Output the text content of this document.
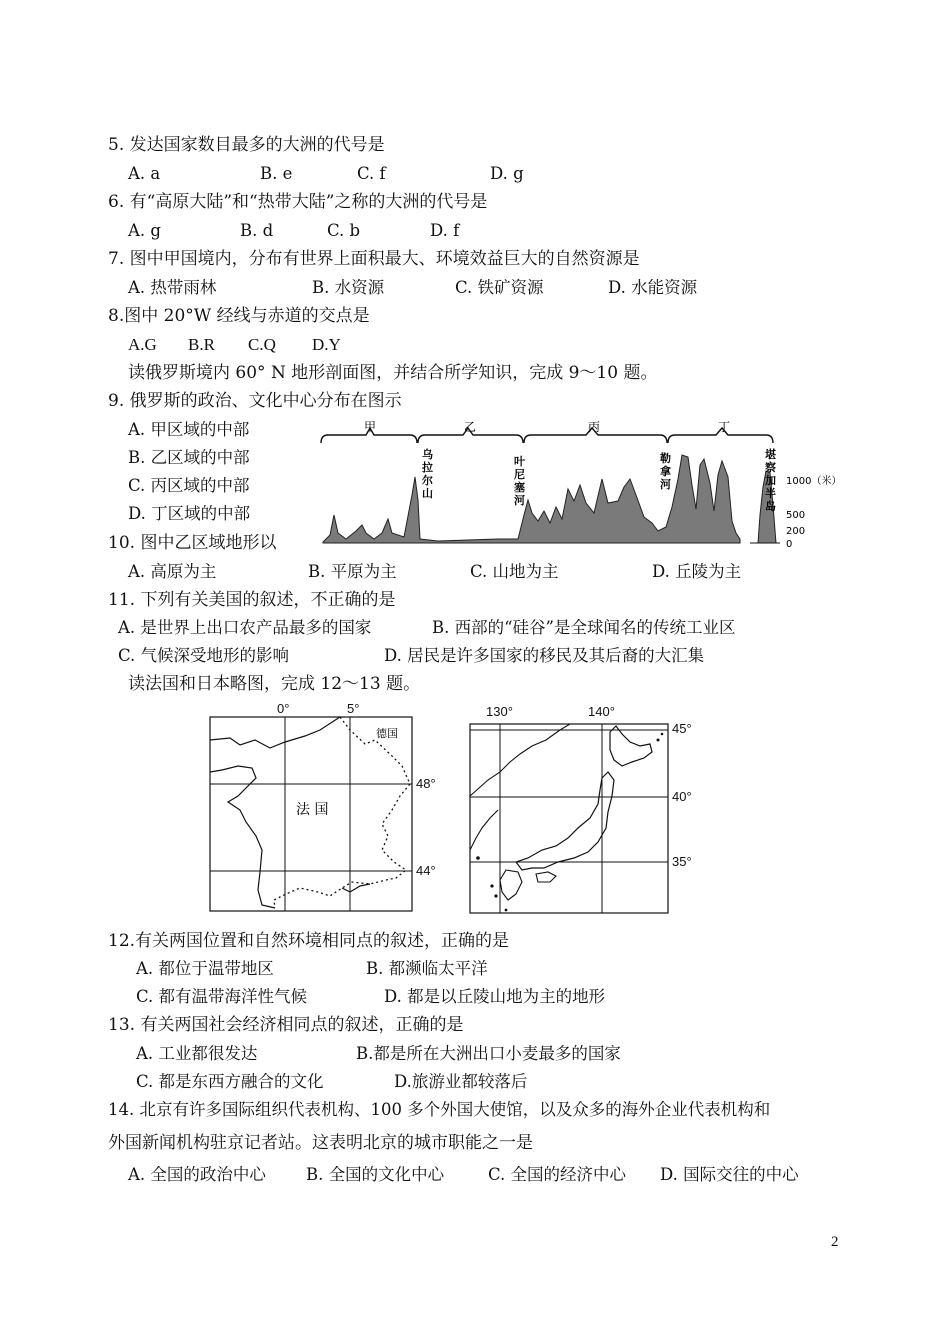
5. 发达国家数目最多的大洲的代号是
A. a	B. e	C. f	D. g
6. 有“高原大陆”和“热带大陆”之称的大洲的代号是
A. g	B. d	C. b	D. f
7. 图中甲国境内，分布有世界上面积最大、环境效益巨大的自然资源是
A. 热带雨林	B. 水资源	C. 铁矿资源	D. 水能资源
8.图中 20°W 经线与赤道的交点是
A.G B.R C.Q D.Y
读俄罗斯境内 60° N 地形剖面图，并结合所学知识，完成 9～10 题。
9. 俄罗斯的政治、文化中心分布在图示
A. 甲区域的中部
B. 乙区域的中部
C. 丙区域的中部
D. 丁区域的中部
甲	乙	丙	丁
乌
拉
尔
山
叶
尼
塞
河
勒
拿
河
堪
察
加
半
岛
1000（米）
500
200
0
10. 图中乙区域地形以
A. 高原为主	B. 平原为主	C. 山地为主	D. 丘陵为主
11. 下列有关美国的叙述，不正确的是
A. 是世界上出口农产品最多的国家	B. 西部的“硅谷”是全球闻名的传统工业区
C. 气候深受地形的影响	D. 居民是许多国家的移民及其后裔的大汇集
读法国和日本略图，完成 12～13 题。
0°	5°
48°
44°
法 国
德国
130°	140°
45°
40°
35°
12.有关两国位置和自然环境相同点的叙述，正确的是
A. 都位于温带地区	B. 都濒临太平洋
C. 都有温带海洋性气候	D. 都是以丘陵山地为主的地形
13. 有关两国社会经济相同点的叙述，正确的是
A. 工业都很发达	B.都是所在大洲出口小麦最多的国家
C. 都是东西方融合的文化	D.旅游业都较落后
14. 北京有许多国际组织代表机构、100 多个外国大使馆，以及众多的海外企业代表机构和
外国新闻机构驻京记者站。这表明北京的城市职能之一是
A. 全国的政治中心 B. 全国的文化中心	C. 全国的经济中心 D. 国际交往的中心
2
